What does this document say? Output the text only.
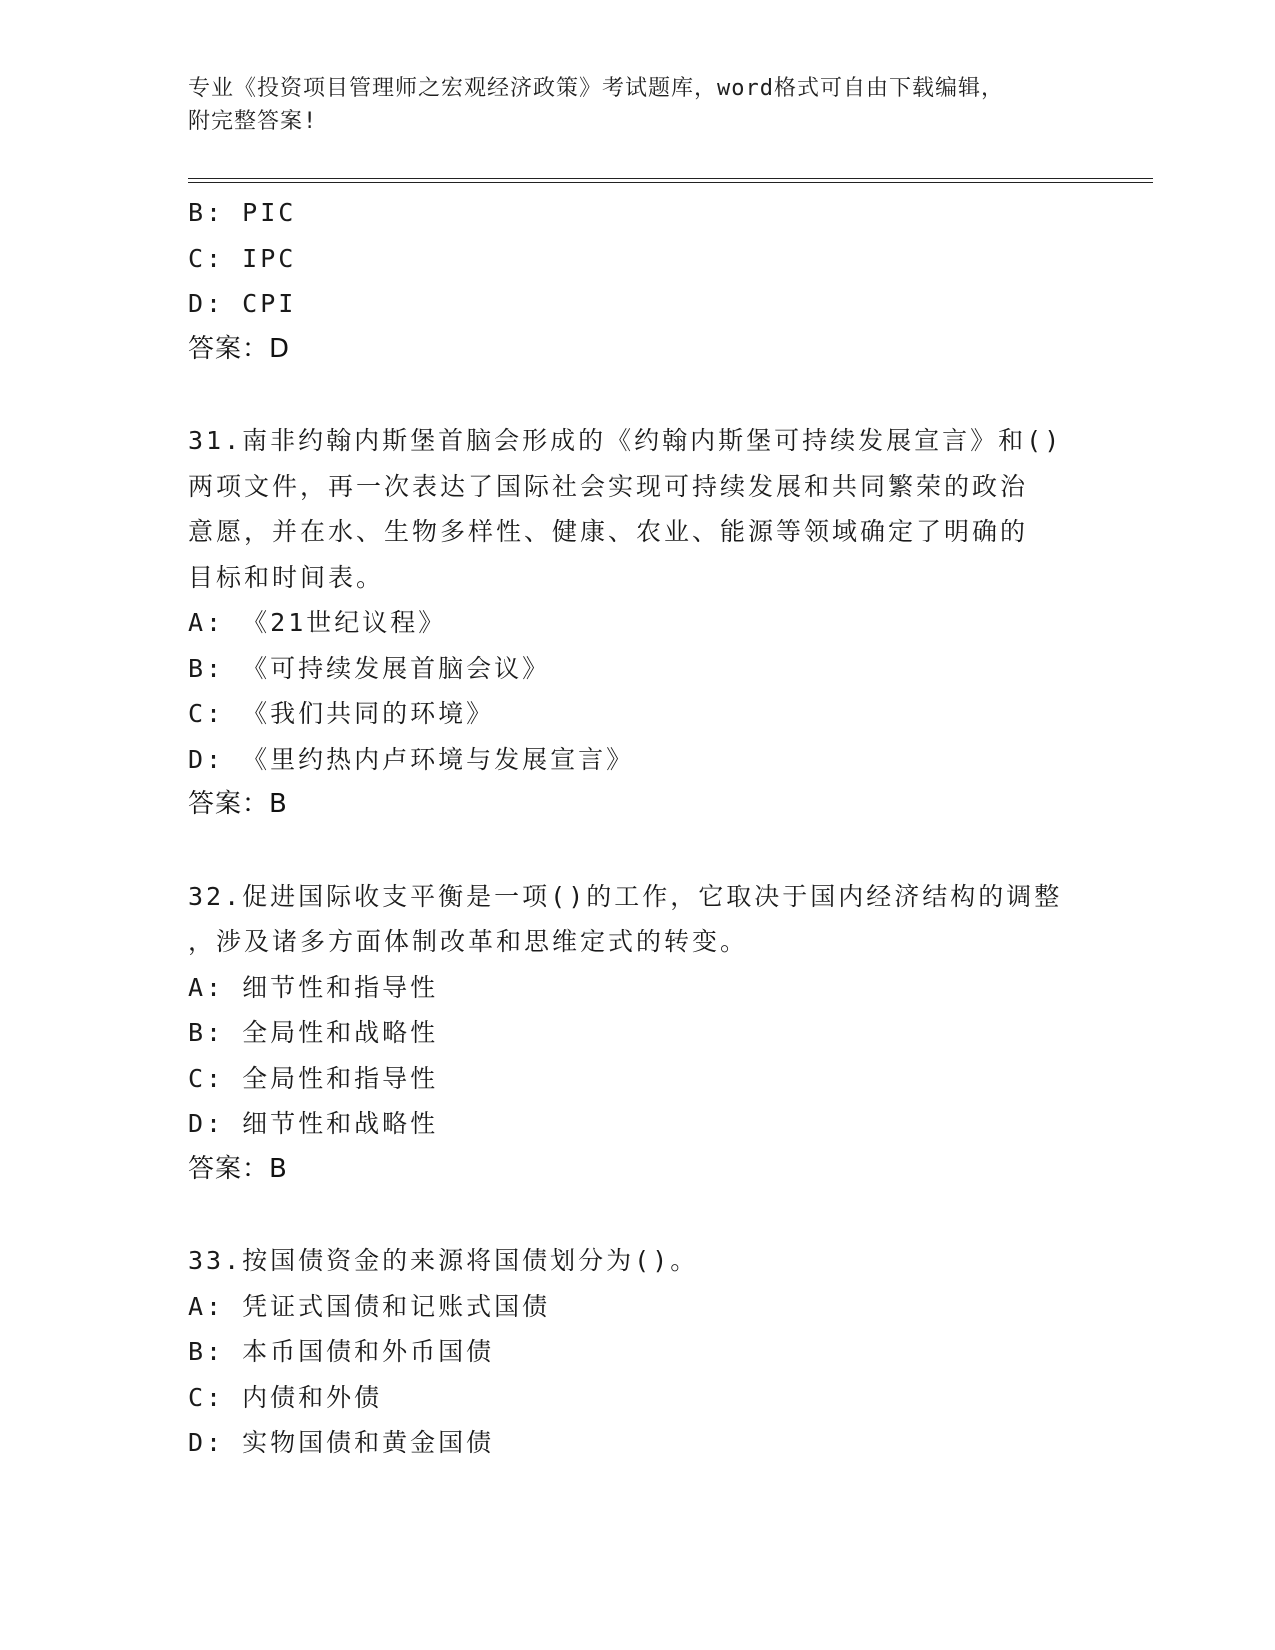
专业《投资项目管理师之宏观经济政策》考试题库，word格式可自由下载编辑，
附完整答案!
B: PIC
C: IPC
D: CPI
答案：D
31.南非约翰内斯堡首脑会形成的《约翰内斯堡可持续发展宣言》和()
两项文件，再一次表达了国际社会实现可持续发展和共同繁荣的政治
意愿，并在水、生物多样性、健康、农业、能源等领域确定了明确的
目标和时间表。
A: 《21世纪议程》
B: 《可持续发展首脑会议》
C: 《我们共同的环境》
D: 《里约热内卢环境与发展宣言》
答案：B
32.促进国际收支平衡是一项()的工作，它取决于国内经济结构的调整
，涉及诸多方面体制改革和思维定式的转变。
A: 细节性和指导性
B: 全局性和战略性
C: 全局性和指导性
D: 细节性和战略性
答案：B
33.按国债资金的来源将国债划分为()。
A: 凭证式国债和记账式国债
B: 本币国债和外币国债
C: 内债和外债
D: 实物国债和黄金国债
